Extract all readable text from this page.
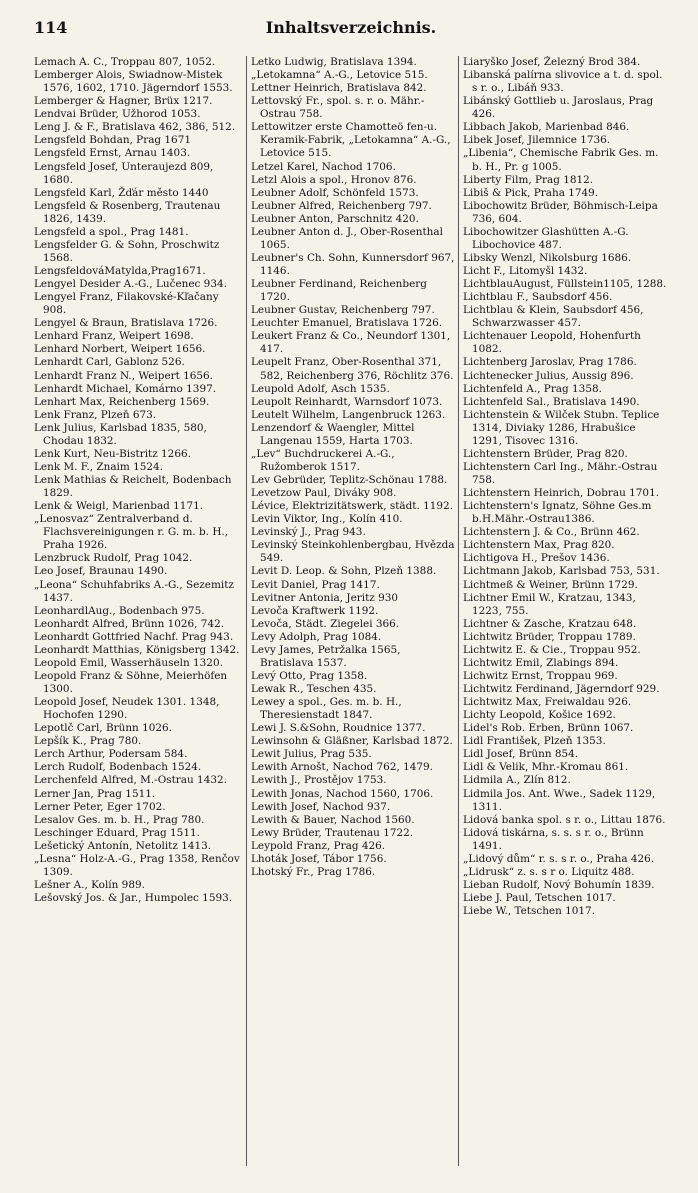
114	Inhaltsverzeichnis.
Lemach A. C., Troppau 807, 1052.
Lemberger Alois, Swiadnow-Mistek 1576, 1602, 1710. Jägerndorf 1553.
Lemberger & Hagner, Brüx 1217.
Lendvai Brüder, Užhorod 1053.
Leng J. & F., Bratislava 462, 386, 512.
Lengsfeld Bohdan, Prag 1671
Lengsfeld Ernst, Arnau 1403.
Lengsfeld Josef, Unteraujezd 809, 1680.
Lengsfeld Karl, Žďár město 1440
Lengsfeld & Rosenberg, Trautenau 1826, 1439.
Lengsfeld a spol., Prag 1481.
Lengsfelder G. & Sohn, Proschwitz 1568.
LengsfeldováMatylda,Prag1671.
Lengyel Desider A.-G., Lučenec 934.
Lengyel Franz, Filakovské-Kľačany 908.
Lengyel & Braun, Bratislava 1726.
Lenhard Franz, Weipert 1698.
Lenhard Norbert, Weipert 1656.
Lenhardt Carl, Gablonz 526.
Lenhardt Franz N., Weipert 1656.
Lenhardt Michael, Komárno 1397.
Lenhart Max, Reichenberg 1569.
Lenk Franz, Plzeň 673.
Lenk Julius, Karlsbad 1835, 580, Chodau 1832.
Lenk Kurt, Neu-Bistritz 1266.
Lenk M. F., Znaim 1524.
Lenk Mathias & Reichelt, Bodenbach 1829.
Lenk & Weigl, Marienbad 1171.
„Lenosvaz“ Zentralverband d. Flachsvereinigungen r. G. m. b. H., Praha 1926.
Lenzbruck Rudolf, Prag 1042.
Leo Josef, Braunau 1490.
„Leona“ Schuhfabriks A.-G., Sezemitz 1437.
LeonhardlAug., Bodenbach 975.
Leonhardt Alfred, Brünn 1026, 742.
Leonhardt Gottfried Nachf. Prag 943.
Leonhardt Matthias, Königsberg 1342.
Leopold Emil, Wasserhäuseln 1320.
Leopold Franz & Söhne, Meierhöfen 1300.
Leopold Josef, Neudek 1301. 1348, Hochofen 1290.
Lepotlč Carl, Brünn 1026.
Lepšík K., Prag 780.
Lerch Arthur, Podersam 584.
Lerch Rudolf, Bodenbach 1524.
Lerchenfeld Alfred, M.-Ostrau 1432.
Lerner Jan, Prag 1511.
Lerner Peter, Eger 1702.
Lesalov Ges. m. b. H., Prag 780.
Leschinger Eduard, Prag 1511.
Lešetický Antonín, Netolitz 1413.
„Lesna“ Holz-A.-G., Prag 1358, Renčov 1309.
Lešner A., Kolín 989.
Lešovský Jos. & Jar., Humpolec 1593.
Letko Ludwig, Bratislava 1394.
„Letokamna“ A.-G., Letovice 515.
Lettner Heinrich, Bratislava 842.
Lettovský Fr., spol. s. r. o. Mähr.-Ostrau 758.
Lettowitzer erste Chamotteö fen-u. Keramik-Fabrik, „Letokamna“ A.-G., Letovice 515.
Letzel Karel, Nachod 1706.
Letzl Alois a spol., Hronov 876.
Leubner Adolf, Schönfeld 1573.
Leubner Alfred, Reichenberg 797.
Leubner Anton, Parschnitz 420.
Leubner Anton d. J., Ober-Rosenthal 1065.
Leubner's Ch. Sohn, Kunnersdorf 967, 1146.
Leubner Ferdinand, Reichenberg 1720.
Leubner Gustav, Reichenberg 797.
Leuchter Emanuel, Bratislava 1726.
Leukert Franz & Co., Neundorf 1301, 417.
Leupelt Franz, Ober-Rosenthal 371, 582, Reichenberg 376, Röchlitz 376.
Leupold Adolf, Asch 1535.
Leupolt Reinhardt, Warnsdorf 1073.
Leutelt Wilhelm, Langenbruck 1263.
Lenzendorf & Waengler, Mittel Langenau 1559, Harta 1703.
„Lev“ Buchdruckerei A.-G., Ružomberok 1517.
Lev Gebrüder, Teplitz-Schönau 1788.
Levetzow Paul, Diváky 908.
Lévice, Elektrizitätswerk, städt. 1192.
Levin Viktor, Ing., Kolín 410.
Levinský J., Prag 943.
Levinský Steinkohlenbergbau, Hvězda 549.
Levit D. Leop. & Sohn, Plzeň 1388.
Levit Daniel, Prag 1417.
Levitner Antonia, Jeritz 930
Levoča Kraftwerk 1192.
Levoča, Städt. Ziegelei 366.
Levy Adolph, Prag 1084.
Levy James, Petržalka 1565, Bratislava 1537.
Levý Otto, Prag 1358.
Lewak R., Teschen 435.
Lewey a spol., Ges. m. b. H., Theresienstadt 1847.
Lewi J. S.&Sohn, Roudnice 1377.
Lewinsohn & Gläßner, Karlsbad 1872.
Lewit Julius, Prag 535.
Lewith Arnošt, Nachod 762, 1479.
Lewith J., Prostějov 1753.
Lewith Jonas, Nachod 1560, 1706.
Lewith Josef, Nachod 937.
Lewith & Bauer, Nachod 1560.
Lewy Brüder, Trautenau 1722.
Leypold Franz, Prag 426.
Lhoták Josef, Tábor 1756.
Lhotský Fr., Prag 1786.
Liaryško Josef, Železný Brod 384.
Libanská palírna slivovice a t. d. spol. s r. o., Libáň 933.
Libánský Gottlieb u. Jaroslaus, Prag 426.
Libbach Jakob, Marienbad 846.
Libek Josef, Jilemnice 1736.
„Libenia“, Chemische Fabrik Ges. m. b. H., Pr. g 1005.
Liberty Film, Prag 1812.
Libiš & Pick, Praha 1749.
Libochowitz Brüder, Böhmisch-Leipa 736, 604.
Libochowitzer Glashütten A.-G. Libochovice 487.
Libsky Wenzl, Nikolsburg 1686.
Licht F., Litomyšl 1432.
LichtblauAugust, Füllstein1105, 1288.
Lichtblau F., Saubsdorf 456.
Lichtblau & Klein, Saubsdorf 456, Schwarzwasser 457.
Lichtenauer Leopold, Hohenfurth 1082.
Lichtenberg Jaroslav, Prag 1786.
Lichtenecker Julius, Aussig 896.
Lichtenfeld A., Prag 1358.
Lichtenfeld Sal., Bratislava 1490.
Lichtenstein & Wilček Stubn. Teplice 1314, Diviaky 1286, Hrabušice 1291, Tisovec 1316.
Lichtenstern Brüder, Prag 820.
Lichtenstern Carl Ing., Mähr.-Ostrau 758.
Lichtenstern Heinrich, Dobrau 1701.
Lichtenstern's Ignatz, Söhne Ges.m b.H.Mähr.-Ostrau1386.
Lichtenstern J. & Co., Brünn 462.
Lichtenstern Max, Prag 820.
Lichtigova H., Prešov 1436.
Lichtmann Jakob, Karlsbad 753, 531.
Lichtmeß & Weiner, Brünn 1729.
Lichtner Emil W., Kratzau, 1343, 1223, 755.
Lichtner & Zasche, Kratzau 648.
Lichtwitz Brüder, Troppau 1789.
Lichtwitz E. & Cie., Troppau 952.
Lichtwitz Emil, Zlabings 894.
Lichwitz Ernst, Troppau 969.
Lichtwitz Ferdinand, Jägerndorf 929.
Lichtwitz Max, Freiwaldau 926.
Lichty Leopold, Košice 1692.
Lidel's Rob. Erben, Brünn 1067.
Lidl František, Plzeň 1353.
Lidl Josef, Brünn 854.
Lidl & Velik, Mhr.-Kromau 861.
Lidmila A., Zlín 812.
Lidmila Jos. Ant. Wwe., Sadek 1129, 1311.
Lidová banka spol. s r. o., Littau 1876.
Lidová tiskárna, s. s. s r. o., Brünn 1491.
„Lidový dům“ r. s. s r. o., Praha 426.
„Lidrusk“ z. s. s r o. Liquitz 488.
Lieban Rudolf, Nový Bohumín 1839.
Liebe J. Paul, Tetschen 1017.
Liebe W., Tetschen 1017.
